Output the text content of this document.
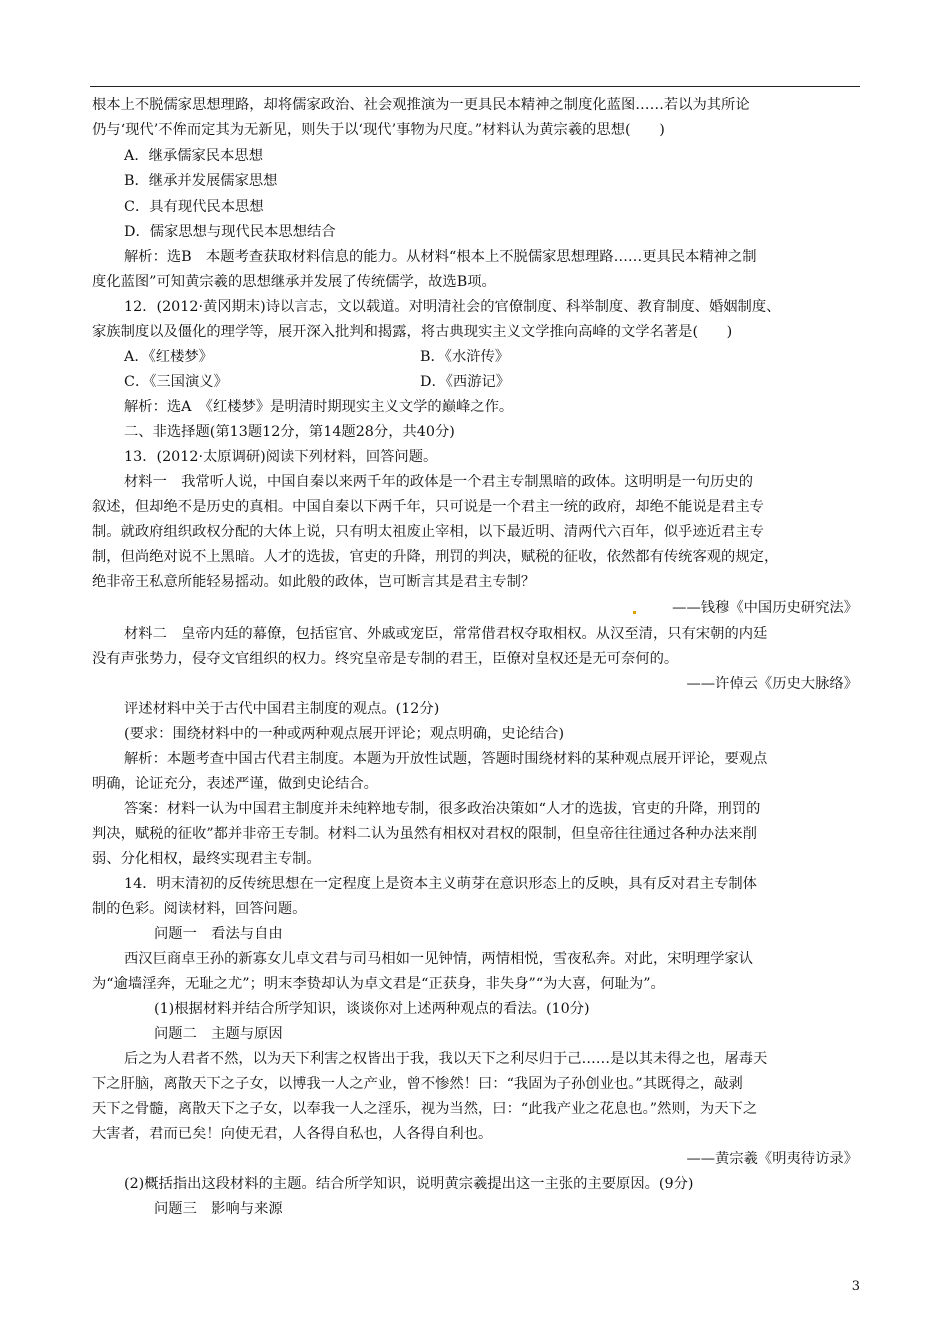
根本上不脱儒家思想理路，却将儒家政治、社会观推演为一更具民本精神之制度化蓝图……若以为其所论
仍与‘现代’不侔而定其为无新见，则失于以‘现代’事物为尺度。”材料认为黄宗羲的思想(　　)
A．继承儒家民本思想
B．继承并发展儒家思想
C．具有现代民本思想
D．儒家思想与现代民本思想结合
解析：选B　本题考查获取材料信息的能力。从材料“根本上不脱儒家思想理路……更具民本精神之制
度化蓝图”可知黄宗羲的思想继承并发展了传统儒学，故选B项。
12．(2012·黄冈期末)诗以言志，文以载道。对明清社会的官僚制度、科举制度、教育制度、婚姻制度、
家族制度以及僵化的理学等，展开深入批判和揭露，将古典现实主义文学推向高峰的文学名著是(　　)
A．《红楼梦》	B．《水浒传》
C．《三国演义》	D．《西游记》
解析：选A　《红楼梦》是明清时期现实主义文学的巅峰之作。
二、非选择题(第13题12分，第14题28分，共40分)
13．(2012·太原调研)阅读下列材料，回答问题。
材料一　我常听人说，中国自秦以来两千年的政体是一个君主专制黑暗的政体。这明明是一句历史的
叙述，但却绝不是历史的真相。中国自秦以下两千年，只可说是一个君主一统的政府，却绝不能说是君主专
制。就政府组织政权分配的大体上说，只有明太祖废止宰相，以下最近明、清两代六百年，似乎迹近君主专
制，但尚绝对说不上黑暗。人才的选拔，官吏的升降，刑罚的判决，赋税的征收，依然都有传统客观的规定，
绝非帝王私意所能轻易摇动。如此般的政体，岂可断言其是君主专制？
——钱穆《中国历史研究法》
材料二　皇帝内廷的幕僚，包括宦官、外戚或宠臣，常常借君权夺取相权。从汉至清，只有宋朝的内廷
没有声张势力，侵夺文官组织的权力。终究皇帝是专制的君王，臣僚对皇权还是无可奈何的。
——许倬云《历史大脉络》
评述材料中关于古代中国君主制度的观点。(12分)
(要求：围绕材料中的一种或两种观点展开评论；观点明确，史论结合)
解析：本题考查中国古代君主制度。本题为开放性试题，答题时围绕材料的某种观点展开评论，要观点
明确，论证充分，表述严谨，做到史论结合。
答案：材料一认为中国君主制度并未纯粹地专制，很多政治决策如“人才的选拔，官吏的升降，刑罚的
判决，赋税的征收”都并非帝王专制。材料二认为虽然有相权对君权的限制，但皇帝往往通过各种办法来削
弱、分化相权，最终实现君主专制。
14．明末清初的反传统思想在一定程度上是资本主义萌芽在意识形态上的反映，具有反对君主专制体
制的色彩。阅读材料，回答问题。
问题一　看法与自由
西汉巨商卓王孙的新寡女儿卓文君与司马相如一见钟情，两情相悦，雪夜私奔。对此，宋明理学家认
为“逾墙淫奔，无耻之尤”；明末李贽却认为卓文君是“正获身，非失身”“为大喜，何耻为”。
(1)根据材料并结合所学知识，谈谈你对上述两种观点的看法。(10分)
问题二　主题与原因
后之为人君者不然，以为天下利害之权皆出于我，我以天下之利尽归于己……是以其未得之也，屠毒天
下之肝脑，离散天下之子女，以博我一人之产业，曾不惨然！曰：“我固为子孙创业也。”其既得之，敲剥
天下之骨髓，离散天下之子女，以奉我一人之淫乐，视为当然，曰：“此我产业之花息也。”然则，为天下之
大害者，君而已矣！向使无君，人各得自私也，人各得自利也。
——黄宗羲《明夷待访录》
(2)概括指出这段材料的主题。结合所学知识，说明黄宗羲提出这一主张的主要原因。(9分)
问题三　影响与来源
3
